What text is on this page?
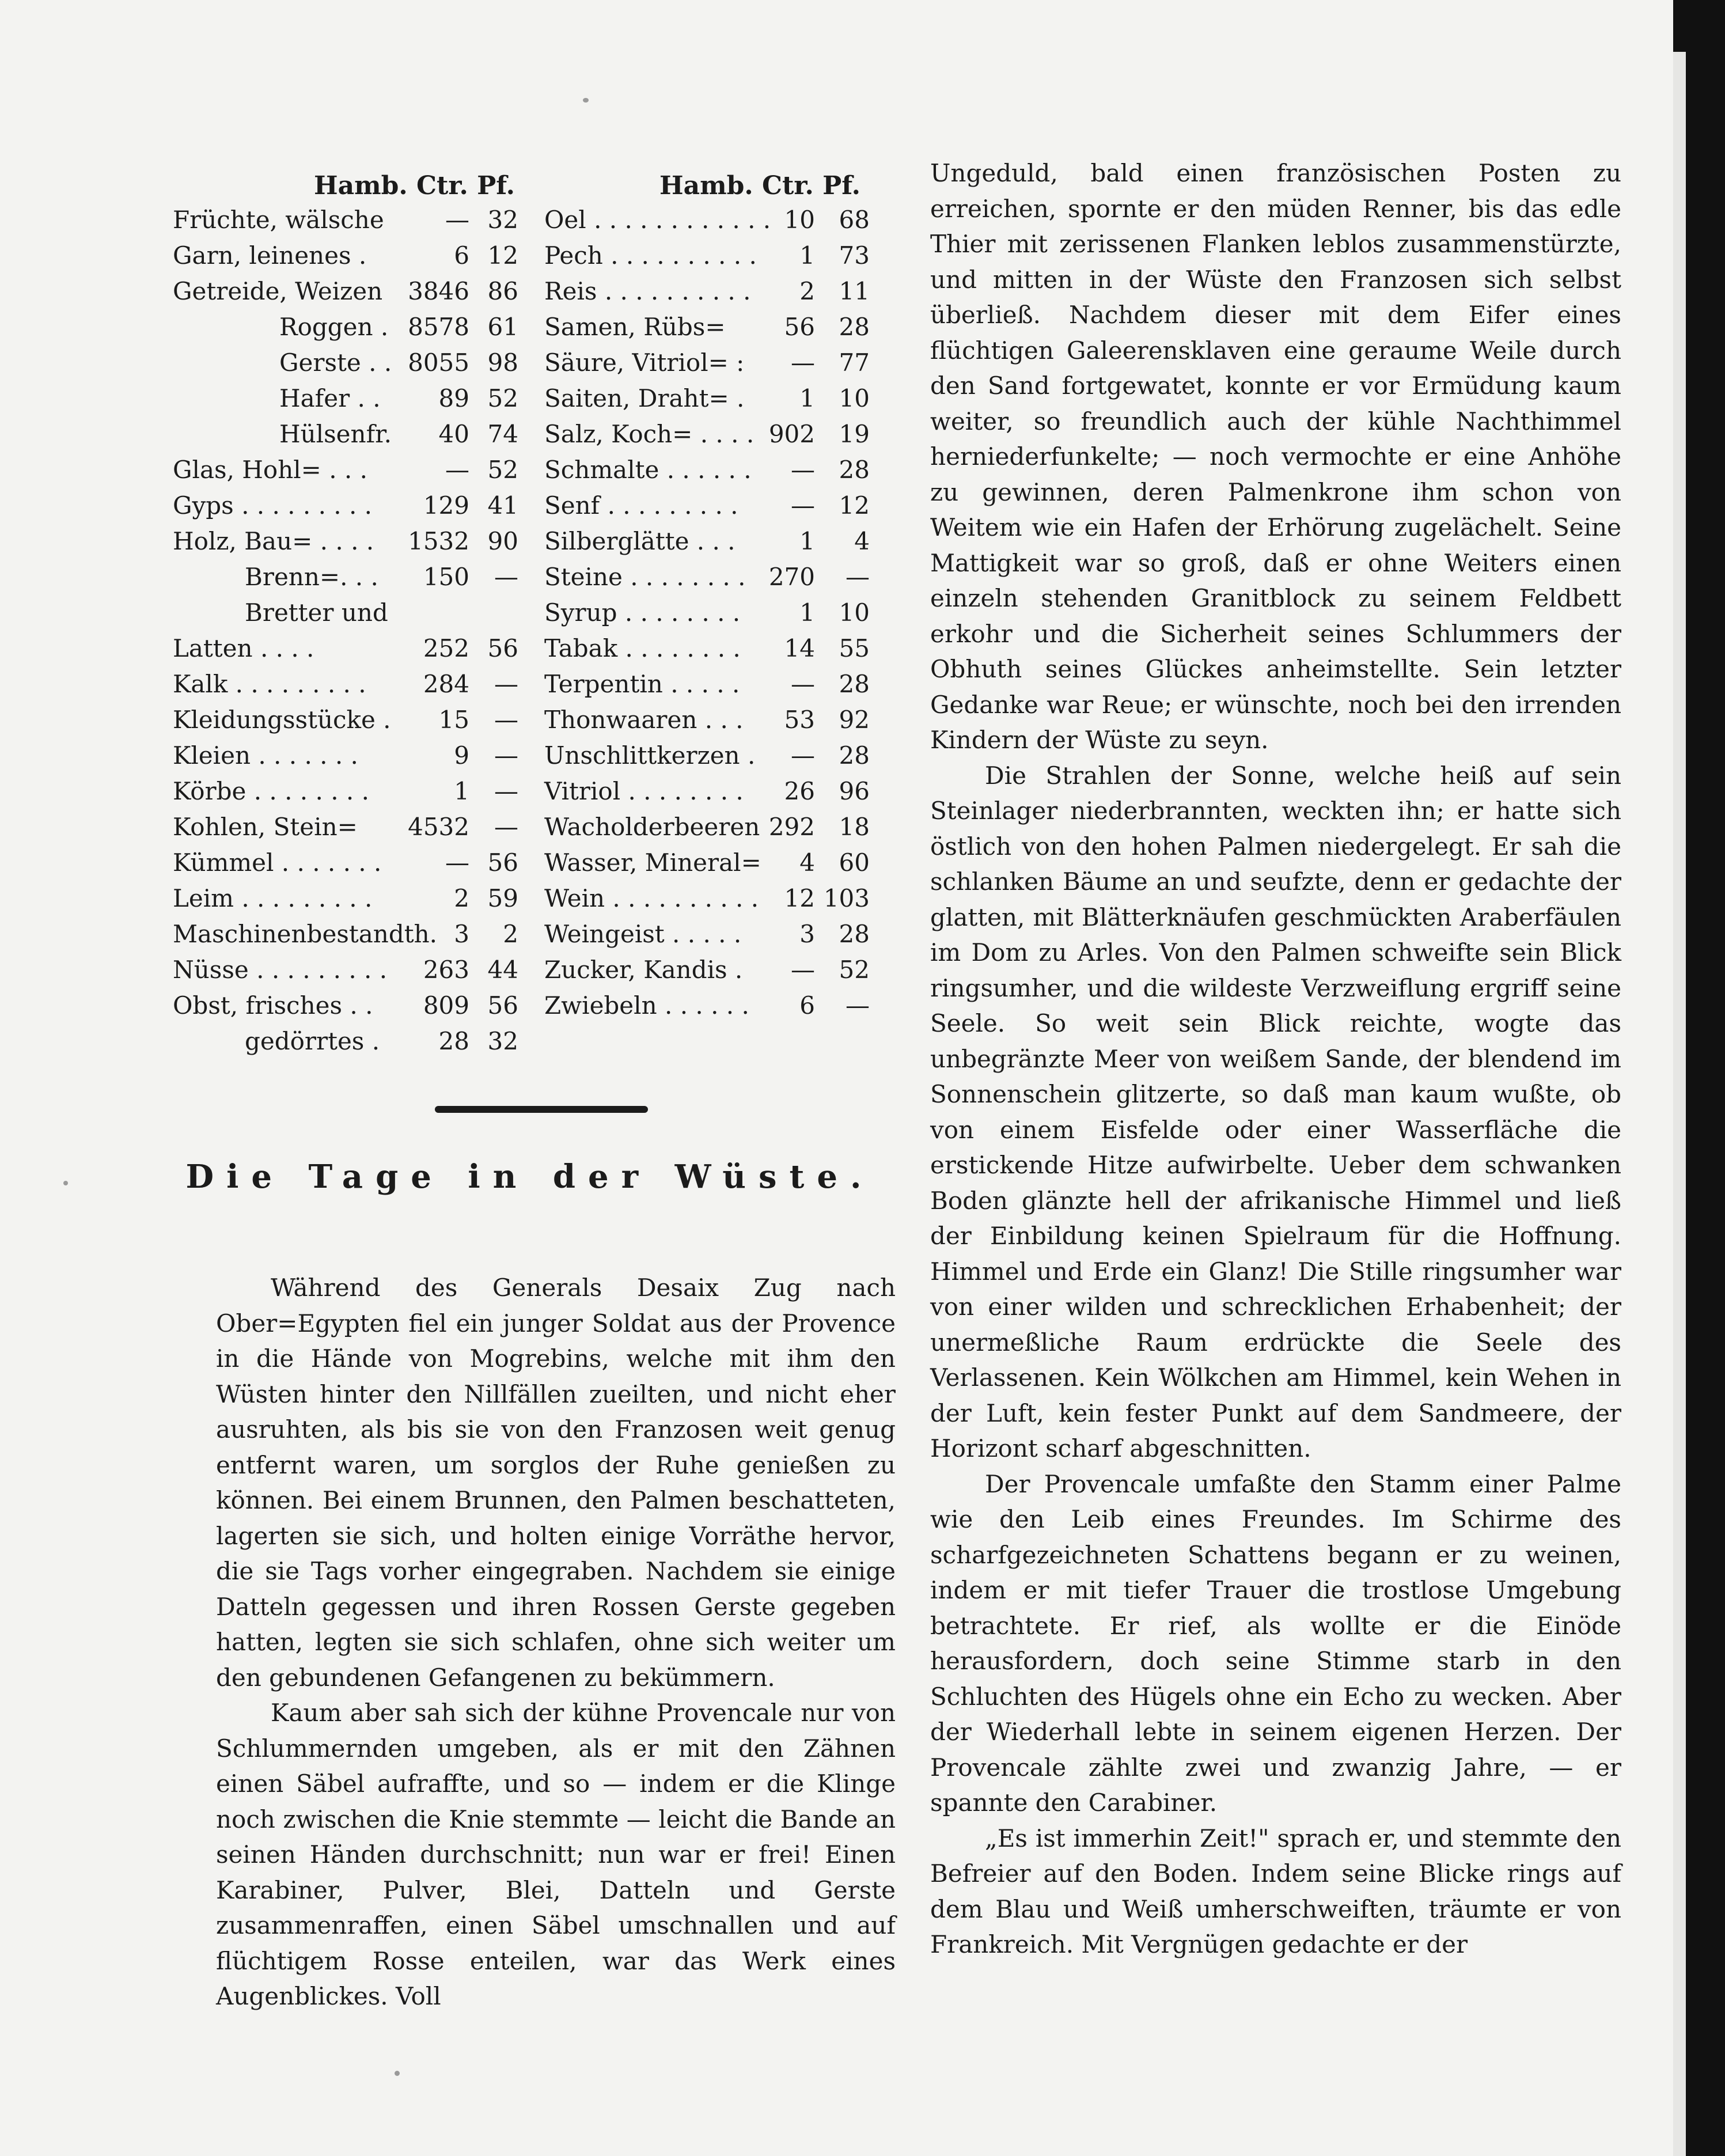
Hamb. Ctr. Pf.	Hamb. Ctr. Pf.
Früchte, wälsche	— 32
Garn, leinenes .	6 12
Getreide, Weizen 3846 86
Roggen . 8578 61
Gerste . . 8055 98
Hafer . . 89 52
Hülsenfr. 40 74
Glas, Hohl= . . .	— 52
Gyps . . . . . . . . . 129 41
Holz, Bau= . . . . 1532 90
Brenn=. . . 150 —
Bretter und
Latten . . . .	252 56
Kalk . . . . . . . . . 284 —
Kleidungsstücke . 15 —
Kleien . . . . . . .	9 —
Körbe . . . . . . . .	1 —
Kohlen, Stein= 4532 —
Kümmel . . . . . . .	— 56
Leim . . . . . . . . .	2 59
Maschinenbestandth. 3 2
Nüsse . . . . . . . . . 263 44
Obst, frisches . . 809 56
gedörrtes . 28 32
Oel . . . . . . . . . . . . 10 68
Pech . . . . . . . . . . 1 73
Reis . . . . . . . . . . 2 11
Samen, Rübs= 56 28
Säure, Vitriol= : — 77
Saiten, Draht= . 1 10
Salz, Koch= . . . . 902 19
Schmalte . . . . . . — 28
Senf . . . . . . . . . — 12
Silberglätte . . .	1 4
Steine . . . . . . . . 270 —
Syrup . . . . . . . . 1 10
Tabak . . . . . . . . 14 55
Terpentin . . . . . — 28
Thonwaaren . . . 53 92
Unschlittkerzen . — 28
Vitriol . . . . . . . . 26 96
Wacholderbeeren 292 18
Wasser, Mineral= 4 60
Wein . . . . . . . . . . 12 103
Weingeist . . . . . 3 28
Zucker, Kandis . — 52
Zwiebeln . . . . . . 6 —
Die Tage in der Wüste.

Während des Generals Desaix Zug nach Ober=Egypten fiel ein junger Soldat aus der Provence in die Hände von Mogrebins, welche mit ihm den Wüsten hinter den Nillfällen zueilten, und nicht eher ausruhten, als bis sie von den Franzosen weit genug entfernt waren, um sorglos der Ruhe genießen zu können. Bei einem Brunnen, den Palmen beschatteten, lagerten sie sich, und holten einige Vorräthe hervor, die sie Tags vorher eingegraben. Nachdem sie einige Datteln gegessen und ihren Rossen Gerste gegeben hatten, legten sie sich schlafen, ohne sich weiter um den gebundenen Gefangenen zu bekümmern.

Kaum aber sah sich der kühne Provencale nur von Schlummernden umgeben, als er mit den Zähnen einen Säbel aufraffte, und so — indem er die Klinge noch zwischen die Knie stemmte — leicht die Bande an seinen Händen durchschnitt; nun war er frei! Einen Karabiner, Pulver, Blei, Datteln und Gerste zusammenraffen, einen Säbel umschnallen und auf flüchtigem Rosse enteilen, war das Werk eines Augenblickes. Voll

Ungeduld, bald einen französischen Posten zu erreichen, spornte er den müden Renner, bis das edle Thier mit zerissenen Flanken leblos zusammenstürzte, und mitten in der Wüste den Franzosen sich selbst überließ. Nachdem dieser mit dem Eifer eines flüchtigen Galeerensklaven eine geraume Weile durch den Sand fortgewatet, konnte er vor Ermüdung kaum weiter, so freundlich auch der kühle Nachthimmel herniederfunkelte; — noch vermochte er eine Anhöhe zu gewinnen, deren Palmenkrone ihm schon von Weitem wie ein Hafen der Erhörung zugelächelt. Seine Mattigkeit war so groß, daß er ohne Weiters einen einzeln stehenden Granitblock zu seinem Feldbett erkohr und die Sicherheit seines Schlummers der Obhuth seines Glückes anheimstellte. Sein letzter Gedanke war Reue; er wünschte, noch bei den irrenden Kindern der Wüste zu seyn.

Die Strahlen der Sonne, welche heiß auf sein Steinlager niederbrannten, weckten ihn; er hatte sich östlich von den hohen Palmen niedergelegt. Er sah die schlanken Bäume an und seufzte, denn er gedachte der glatten, mit Blätterknäufen geschmückten Araberfäulen im Dom zu Arles. Von den Palmen schweifte sein Blick ringsumher, und die wildeste Verzweiflung ergriff seine Seele. So weit sein Blick reichte, wogte das unbegränzte Meer von weißem Sande, der blendend im Sonnenschein glitzerte, so daß man kaum wußte, ob von einem Eisfelde oder einer Wasserfläche die erstickende Hitze aufwirbelte. Ueber dem schwanken Boden glänzte hell der afrikanische Himmel und ließ der Einbildung keinen Spielraum für die Hoffnung. Himmel und Erde ein Glanz! Die Stille ringsumher war von einer wilden und schrecklichen Erhabenheit; der unermeßliche Raum erdrückte die Seele des Verlassenen. Kein Wölkchen am Himmel, kein Wehen in der Luft, kein fester Punkt auf dem Sandmeere, der Horizont scharf abgeschnitten.

Der Provencale umfaßte den Stamm einer Palme wie den Leib eines Freundes. Im Schirme des scharfgezeichneten Schattens begann er zu weinen, indem er mit tiefer Trauer die trostlose Umgebung betrachtete. Er rief, als wollte er die Einöde herausfordern, doch seine Stimme starb in den Schluchten des Hügels ohne ein Echo zu wecken. Aber der Wiederhall lebte in seinem eigenen Herzen. Der Provencale zählte zwei und zwanzig Jahre, — er spannte den Carabiner.

„Es ist immerhin Zeit!" sprach er, und stemmte den Befreier auf den Boden. Indem seine Blicke rings auf dem Blau und Weiß umherschweiften, träumte er von Frankreich. Mit Vergnügen gedachte er der
